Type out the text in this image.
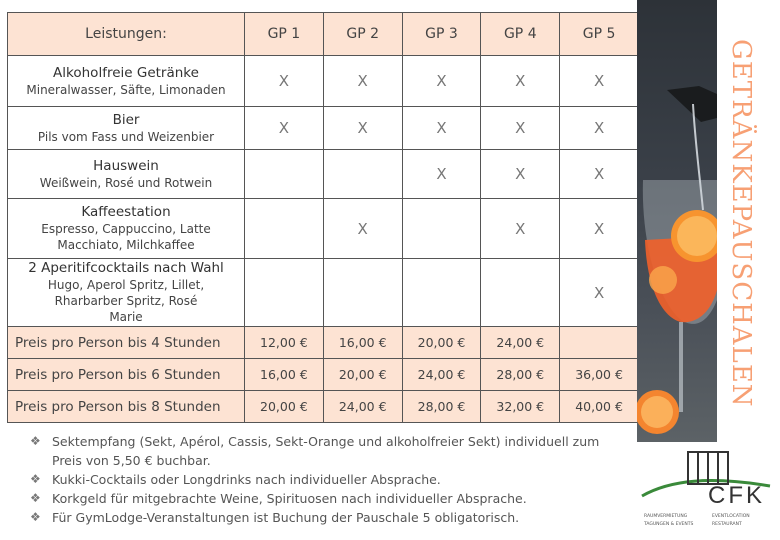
Leistungen:	GP 1	GP 2	GP 3	GP 4	GP 5

Alkoholfreie Getränke
Mineralwasser, Säfte, Limonaden	X	X	X	X	X

Bier
Pils vom Fass und Weizenbier	X	X	X	X	X

Hauswein
Weißwein, Rosé und Rotwein			X	X	X

Kaffeestation
Espresso, Cappuccino, Latte Macchiato, Milchkaffee		X		X	X

2 Aperitifcocktails nach Wahl
Hugo, Aperol Spritz, Lillet, Rharbarber Spritz, Rosé Marie					X
Preis pro Person bis 4 Stunden	12,00 €	16,00 €	20,00 €	24,00 €	
Preis pro Person bis 6 Stunden	16,00 €	20,00 €	24,00 €	28,00 €	36,00 €
Preis pro Person bis 8 Stunden	20,00 €	24,00 €	28,00 €	32,00 €	40,00 €
❖ Sektempfang (Sekt, Apérol, Cassis, Sekt-Orange und alkoholfreier Sekt) individuell zum Preis von 5,50 € buchbar.
❖ Kukki-Cocktails oder Longdrinks nach individueller Absprache.
❖ Korkgeld für mitgebrachte Weine, Spirituosen nach individueller Absprache.
❖ Für GymLodge-Veranstaltungen ist Buchung der Pauschale 5 obligatorisch.
GETRÄNKEPAUSCHALEN
CFK
RAUMVERMIETUNG	EVENTLOCATION
TAGUNGEN & EVENTS	RESTAURANT
